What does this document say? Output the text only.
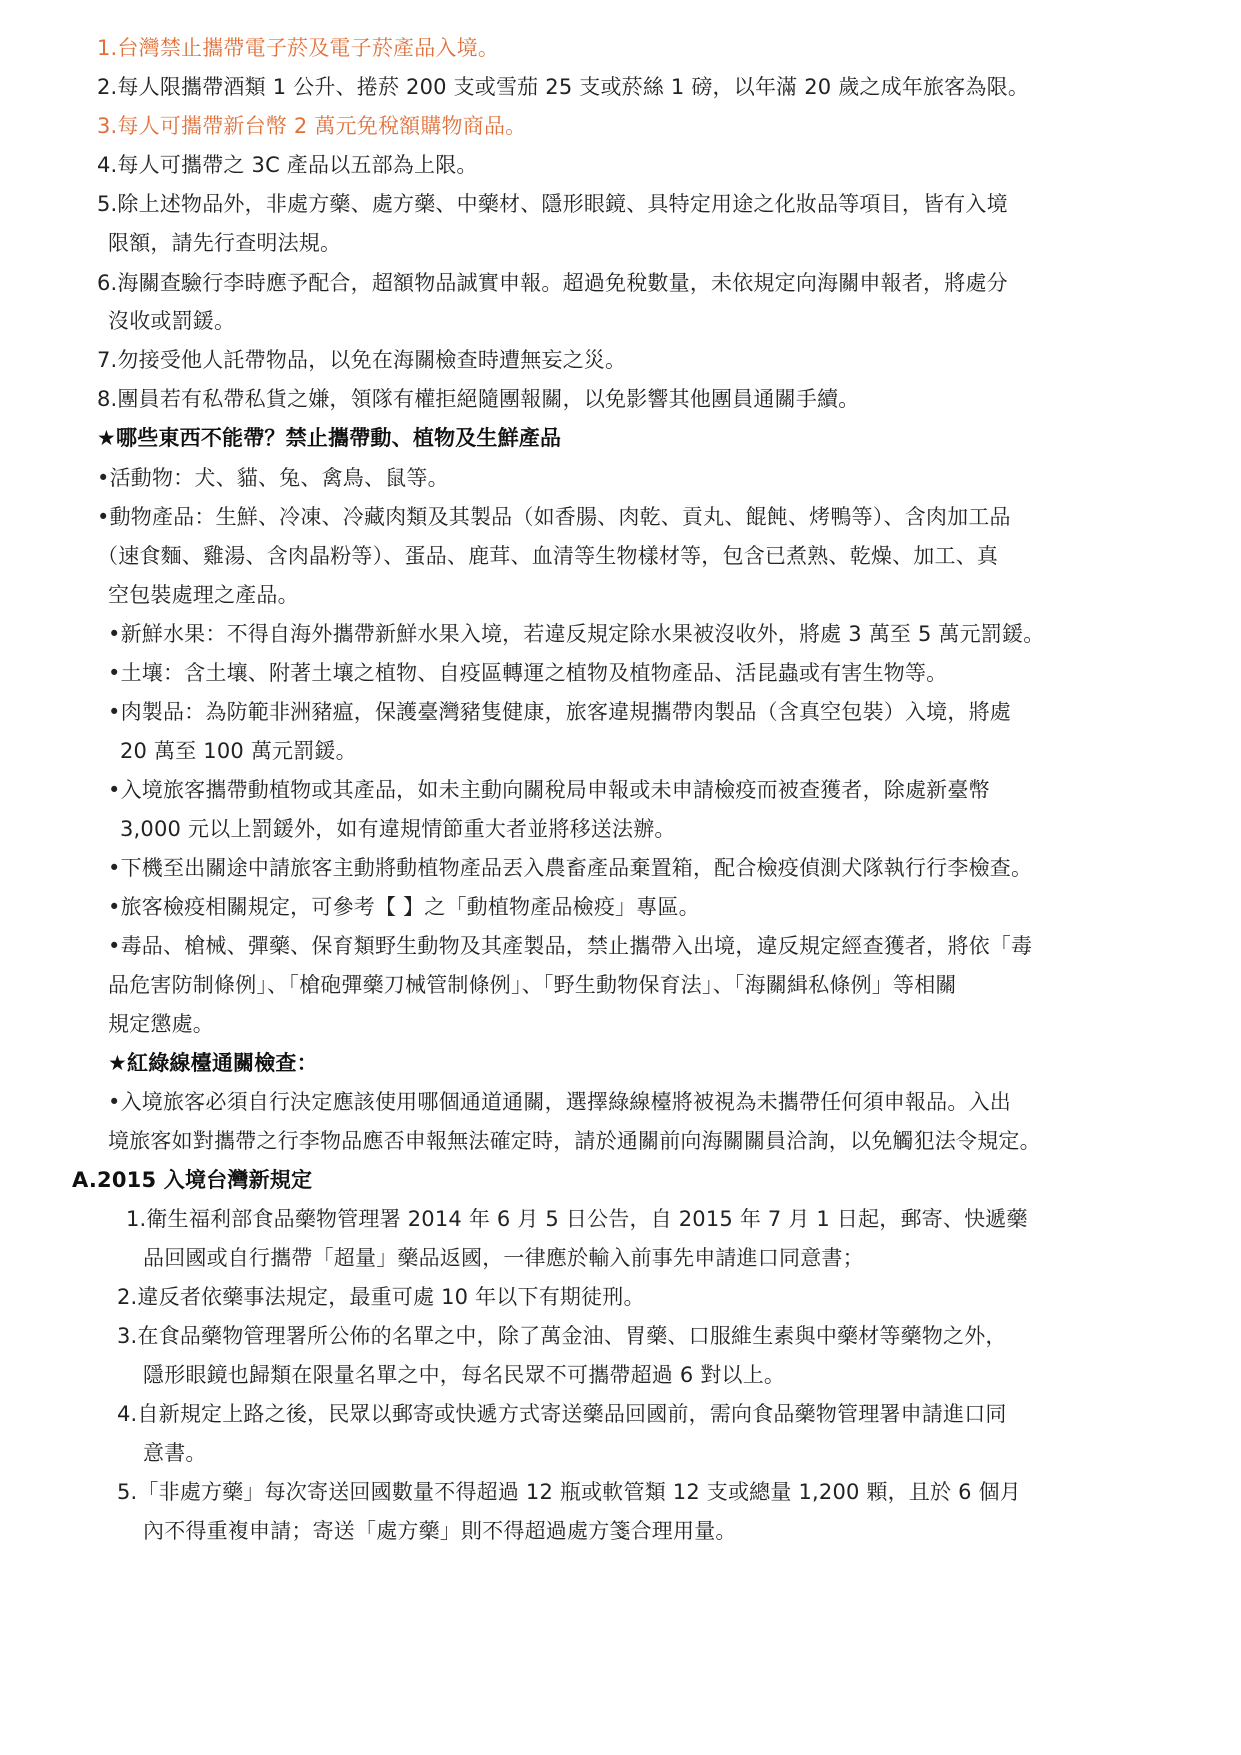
1.台灣禁止攜帶電子菸及電子菸產品入境。
2.每人限攜帶酒類 1 公升、捲菸 200 支或雪茄 25 支或菸絲 1 磅，以年滿 20 歲之成年旅客為限。
3.每人可攜帶新台幣 2 萬元免稅額購物商品。
4.每人可攜帶之 3C 產品以五部為上限。
5.除上述物品外，非處方藥、處方藥、中藥材、隱形眼鏡、具特定用途之化妝品等項目，皆有入境
限額，請先行查明法規。
6.海關查驗行李時應予配合，超額物品誠實申報。超過免稅數量，未依規定向海關申報者，將處分
沒收或罰鍰。
7.勿接受他人託帶物品，以免在海關檢查時遭無妄之災。
8.團員若有私帶私貨之嫌，領隊有權拒絕隨團報關，以免影響其他團員通關手續。
★哪些東西不能帶？禁止攜帶動、植物及生鮮產品
•活動物：犬、貓、兔、禽鳥、鼠等。
•動物產品：生鮮、冷凍、冷藏肉類及其製品（如香腸、肉乾、貢丸、餛飩、烤鴨等）、含肉加工品
（速食麵、雞湯、含肉晶粉等）、蛋品、鹿茸、血清等生物樣材等，包含已煮熟、乾燥、加工、真
空包裝處理之產品。
•新鮮水果：不得自海外攜帶新鮮水果入境，若違反規定除水果被沒收外，將處 3 萬至 5 萬元罰鍰。
•土壤：含土壤、附著土壤之植物、自疫區轉運之植物及植物產品、活昆蟲或有害生物等。
•肉製品：為防範非洲豬瘟，保護臺灣豬隻健康，旅客違規攜帶肉製品（含真空包裝）入境，將處
20 萬至 100 萬元罰鍰。
•入境旅客攜帶動植物或其產品，如未主動向關稅局申報或未申請檢疫而被查獲者，除處新臺幣
3,000 元以上罰鍰外，如有違規情節重大者並將移送法辦。
•下機至出關途中請旅客主動將動植物產品丟入農畜產品棄置箱，配合檢疫偵測犬隊執行行李檢查。
•旅客檢疫相關規定，可參考【 】之「動植物產品檢疫」專區。
•毒品、槍械、彈藥、保育類野生動物及其產製品，禁止攜帶入出境，違反規定經查獲者，將依「毒
品危害防制條例」、「槍砲彈藥刀械管制條例」、「野生動物保育法」、「海關緝私條例」等相關
規定懲處。
★紅綠線檯通關檢查：
•入境旅客必須自行決定應該使用哪個通道通關，選擇綠線檯將被視為未攜帶任何須申報品。入出
境旅客如對攜帶之行李物品應否申報無法確定時，請於通關前向海關關員洽詢，以免觸犯法令規定。
A.2015 入境台灣新規定
1.衛生福利部食品藥物管理署 2014 年 6 月 5 日公告，自 2015 年 7 月 1 日起，郵寄、快遞藥
品回國或自行攜帶「超量」藥品返國，一律應於輸入前事先申請進口同意書；
2.違反者依藥事法規定，最重可處 10 年以下有期徒刑。
3.在食品藥物管理署所公佈的名單之中，除了萬金油、胃藥、口服維生素與中藥材等藥物之外，
隱形眼鏡也歸類在限量名單之中，每名民眾不可攜帶超過 6 對以上。
4.自新規定上路之後，民眾以郵寄或快遞方式寄送藥品回國前，需向食品藥物管理署申請進口同
意書。
5.「非處方藥」每次寄送回國數量不得超過 12 瓶或軟管類 12 支或總量 1,200 顆，且於 6 個月
內不得重複申請；寄送「處方藥」則不得超過處方箋合理用量。
